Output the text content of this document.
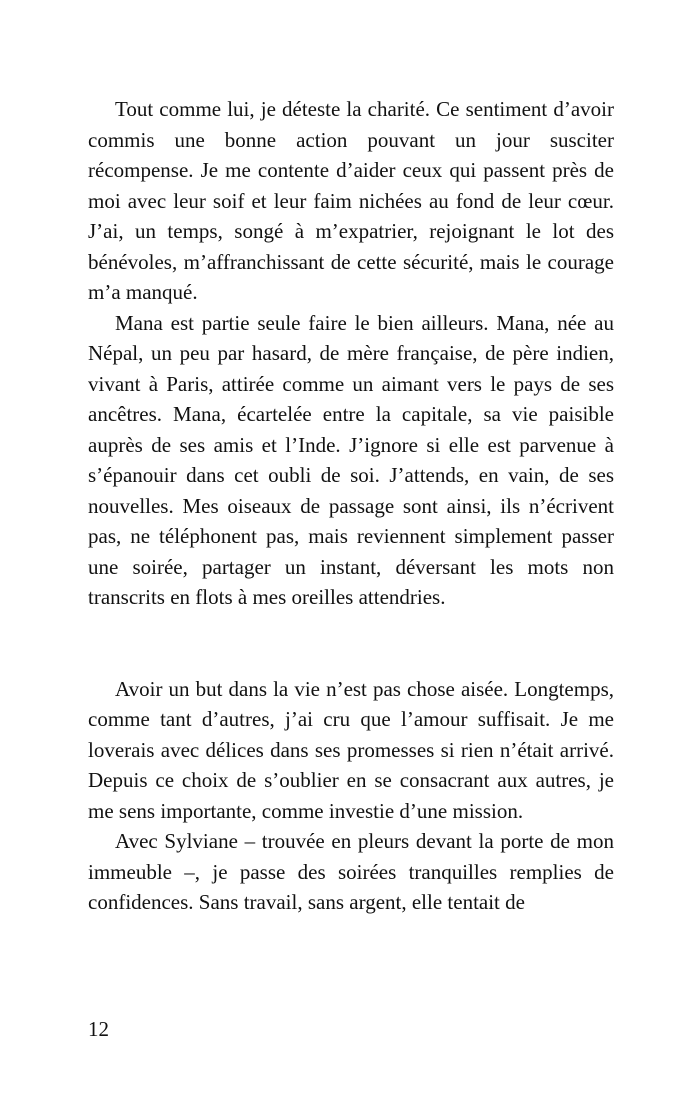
Tout comme lui, je déteste la charité. Ce sentiment d’avoir commis une bonne action pouvant un jour susciter récompense. Je me contente d’aider ceux qui passent près de moi avec leur soif et leur faim nichées au fond de leur cœur. J’ai, un temps, songé à m’expatrier, rejoignant le lot des bénévoles, m’affranchissant de cette sécurité, mais le courage m’a manqué.

Mana est partie seule faire le bien ailleurs. Mana, née au Népal, un peu par hasard, de mère française, de père indien, vivant à Paris, attirée comme un aimant vers le pays de ses ancêtres. Mana, écartelée entre la capitale, sa vie paisible auprès de ses amis et l’Inde. J’ignore si elle est parvenue à s’épanouir dans cet oubli de soi. J’attends, en vain, de ses nouvelles. Mes oiseaux de passage sont ainsi, ils n’écrivent pas, ne téléphonent pas, mais reviennent simplement passer une soirée, partager un instant, déversant les mots non transcrits en flots à mes oreilles attendries.

Avoir un but dans la vie n’est pas chose aisée. Longtemps, comme tant d’autres, j’ai cru que l’amour suffisait. Je me loverais avec délices dans ses promesses si rien n’était arrivé. Depuis ce choix de s’oublier en se consacrant aux autres, je me sens importante, comme investie d’une mission.

Avec Sylviane – trouvée en pleurs devant la porte de mon immeuble –, je passe des soirées tranquilles remplies de confidences. Sans travail, sans argent, elle tentait de

12
